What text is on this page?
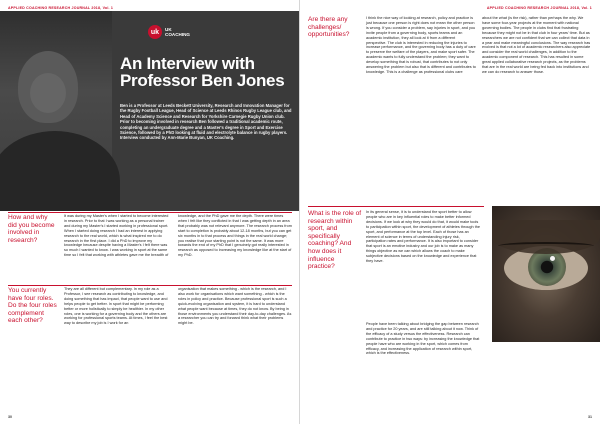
APPLIED COACHING RESEARCH JOURNAL 2018, Vol. 1
uk	UK
COACHING
An Interview with Professor Ben Jones
Ben is a Professor at Leeds Beckett University, Research and Innovation Manager for the Rugby Football League, Head of Science at Leeds Rhinos Rugby League club, and Head of Academy Science and Research for Yorkshire Carnegie Rugby Union club. Prior to becoming involved in research Ben followed a traditional academic route, completing an undergraduate degree and a Master's degree in Sport and Exercise Science, followed by a PhD looking at fluid and electrolyte balance in rugby players. Interview conducted by Ann-Marie Bunyan, UK Coaching.
How and why did you become involved in research?
It was during my Master's when I started to become interested in research. Prior to that I was working as a personal trainer and during my Master's I started working in professional sport. When I started doing research I had an interest in applying research to the real world, which is what inspired me to do research in the first place. I did a PhD to improve my knowledge because despite having a Master's I felt there was so much I wanted to know. I was working in sport at the same time so I felt that working with athletes gave me the breadth of
knowledge, and the PhD gave me the depth. There were times when I felt like they conflicted in that I was getting depth in an area that probably was not relevant anymore. The research process from start to completion is probably about 12-18 months, but you can get six months in to that process and things in the real world change; you realise that your starting point is not the same. It was more towards the end of my PhD that I genuinely got really interested in research as opposed to increasing my knowledge like at the start of my PhD.
You currently have four roles. Do the four roles complement each other?
They are all different but complementary. In my role as a Professor, I see research as contributing to knowledge, and doing something that has impact, that people want to use and helps people to get better. In sport that might be performing better or more holistically to simply be healthier. In my other roles, one is working for a governing body and the others are working for professional sports teams. At times, I feel the best way to describe my job is I work for an
organisation that makes something - which is the research, and I also work for organisations which want something - which is the roles in policy and practice. Because professional sport is such a quick-evolving organisation and system, it is hard to understand what people want because at times, they do not know. By being in those environments you understand their day-to-day challenges. As a researcher you can try and forward think what their problems might be.
30
APPLIED COACHING RESEARCH JOURNAL 2018, Vol. 1
Are there any challenges/ opportunities?
I think the nice way of looking at research, policy and practice is just because one person is right does not mean the other person is wrong. If you consider a problem, say injuries in sport, and you invite people from a governing body, sports teams and an academic institution, they all look at it from a different perspective. The club is interested in reducing the injuries to increase performance, and the governing body has a duty of care to preserve the welfare of the players, and make sport safer. The academic wants to fully understand the problem; they want to develop something that is robust, that contributes to not only answering the problem but also that is different and contributes to knowledge. This is a challenge as professional clubs care
about the what (is the risk), rather than perhaps the why. We have some four-year projects at the moment with national governing bodies. The people in clubs find that frustrating because they might not be in that club in four years' time. But as researchers we are not confident that we can collect that data in a year and make meaningful conclusions. The way research has evolved is that not a lot of academic researchers also appreciate and consider the real world challenges, in addition to the academic component of research. This has resulted in some great applied collaborative research projects, as the problems that are in the real world are being fed back into institutions and we can do research to answer those.
What is the role of research within sport, and specifically coaching? And how does it influence practice?
In its general sense, it is to understand the sport better to allow people who are in key influential roles to make better informed decisions. If we look at why they would do that, it would make tools to participation within sport, the development of athletes through the sport, and performance at the top level. Each of those has an element of science in terms of understanding injury risk, participation rates and performance. It is also important to consider that sport is an emotive industry and our job is to make as many things objective as we can which allows the coach to make subjective decisions based on the knowledge and experience that they have.
People have been talking about bridging the gap between research and practice for 20 years, and are still talking about it now. Think of the efficacy of a study versus the effectiveness. Research can contribute to practice in two ways: by increasing the knowledge that people have who are working in the sport, which comes from efficacy, and increasing the application of research within sport, which is the effectiveness.
31
